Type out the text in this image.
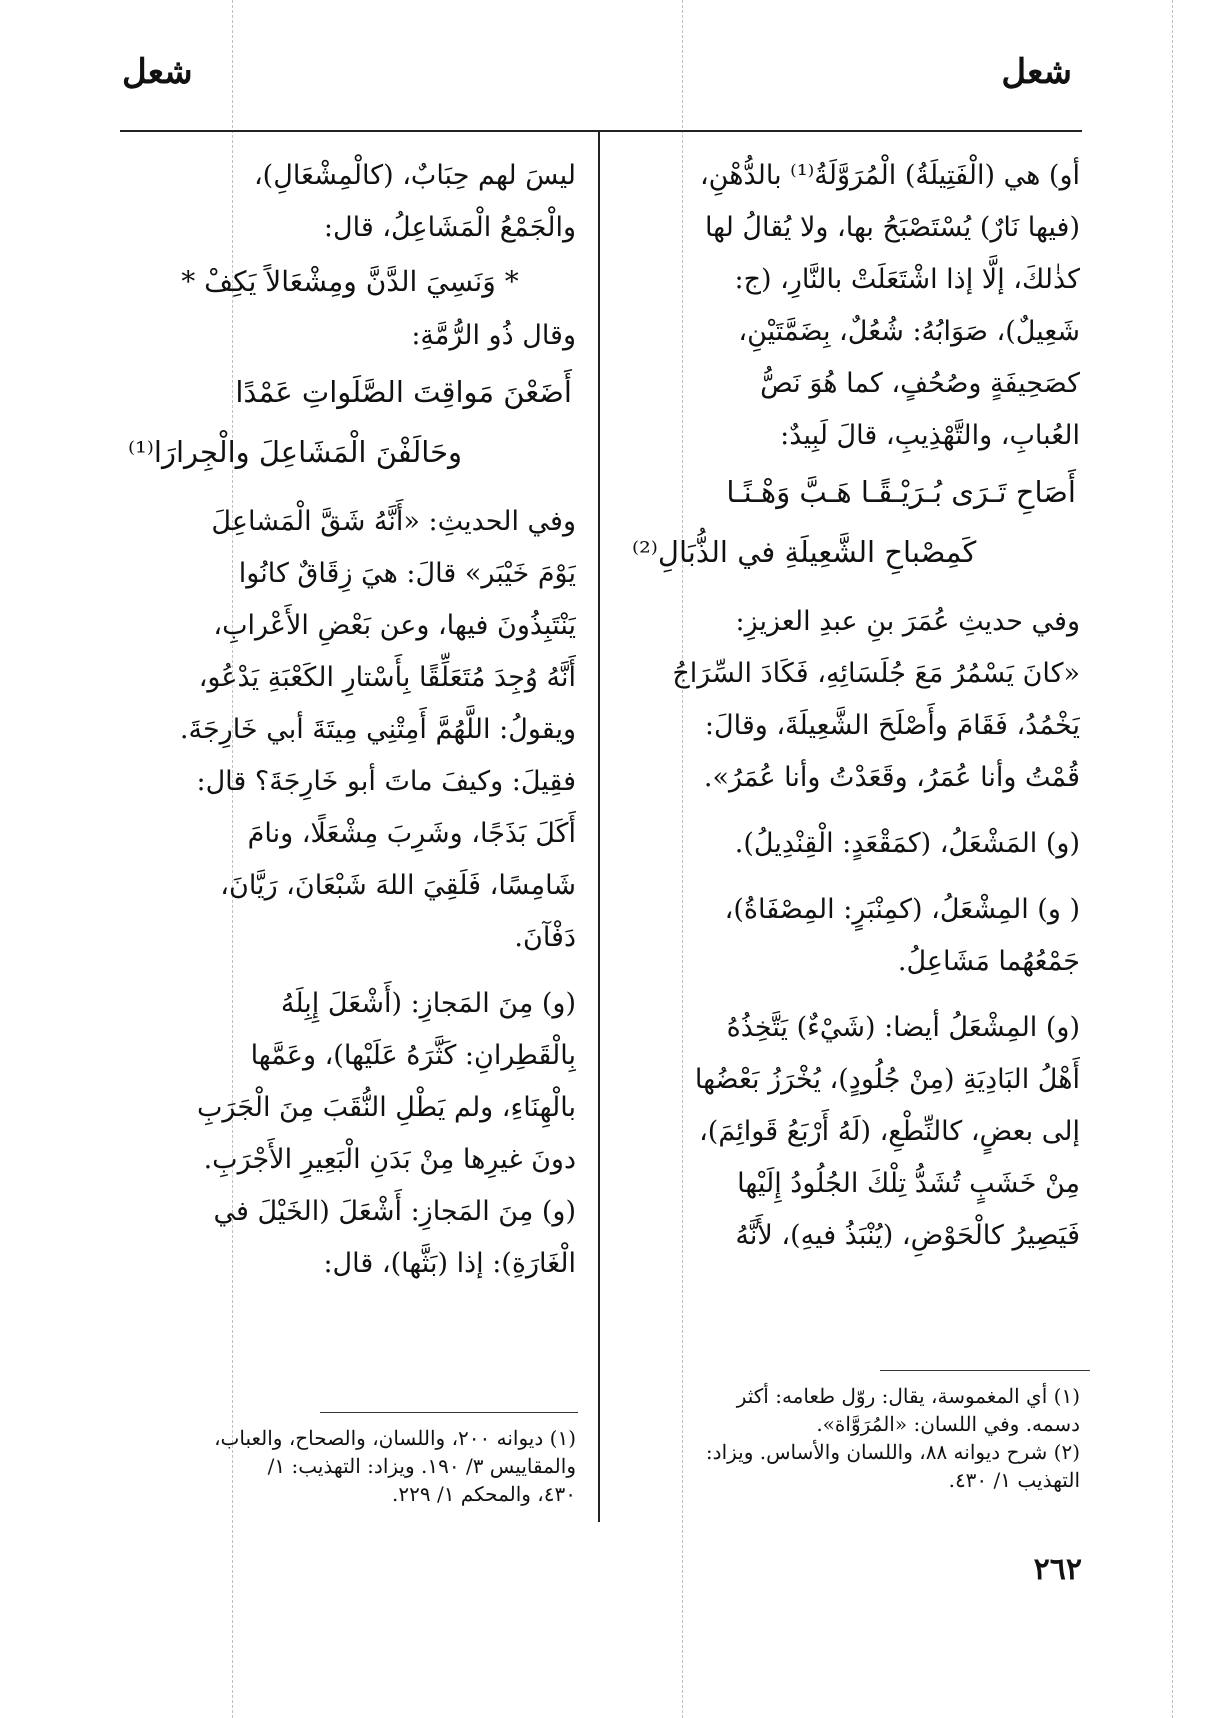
شعل
شعل
أو) هي (الْفَتِيلَةُ) الْمُرَوَّلَةُ⁽¹⁾ بالدُّهْنِ،
(فيها نَارٌ) يُسْتَصْبَحُ بها، ولا يُقالُ لها
كذٰلكَ، إلَّا إذا اشْتَعَلَتْ بالنَّارِ، (ج:
شَعِيلٌ)، صَوَابُهُ: شُعُلٌ، بِضَمَّتَيْنِ،
كصَحِيفَةٍ وصُحُفٍ، كما هُوَ نَصُّ
العُبابِ، والتَّهْذِيبِ، قالَ لَبِيدٌ:
أَصَاحِ تَـرَى بُـرَيْـقًـا هَـبَّ وَهْـنًـا
كَمِصْباحِ الشَّعِيلَةِ في الذُّبَالِ⁽²⁾
وفي حديثِ عُمَرَ بنِ عبدِ العزيزِ:
«كانَ يَسْمُرُ مَعَ جُلَسَائِهِ، فَكَادَ السِّرَاجُ
يَخْمُدُ، فَقَامَ وأَصْلَحَ الشَّعِيلَةَ، وقالَ:
قُمْتُ وأنا عُمَرُ، وقَعَدْتُ وأنا عُمَرُ».
(و) المَشْعَلُ، (كمَقْعَدٍ: الْقِنْدِيلُ).
( و) المِشْعَلُ، (كمِنْبَرٍ: المِصْفَاةُ)،
جَمْعُهُما مَشَاعِلُ.
(و) المِشْعَلُ أيضا: (شَيْءٌ) يَتَّخِذُهُ
أَهْلُ البَادِيَةِ (مِنْ جُلُودٍ)، يُخْرَزُ بَعْضُها
إلى بعضٍ، كالنِّطْعِ، (لَهُ أَرْبَعُ قَوائِمَ)،
مِنْ خَشَبٍ تُشَدُّ تِلْكَ الجُلُودُ إِلَيْها
فَيَصِيرُ كالْحَوْضِ، (يُنْبَذُ فيهِ)، لأَنَّهُ
ليسَ لهم حِبَابٌ، (كالْمِشْعَالِ)،
والْجَمْعُ الْمَشَاعِلُ، قال:
* وَنَسِيَ الدَّنَّ ومِشْعَالاً يَكِفْ *
وقال ذُو الرُّمَّةِ:
أَضَعْنَ مَواقِتَ الصَّلَواتِ عَمْدًا
وحَالَفْنَ الْمَشَاعِلَ والْجِرارَا⁽¹⁾
وفي الحديثِ: «أَنَّهُ شَقَّ الْمَشاعِلَ
يَوْمَ خَيْبَر» قالَ: هيَ زِقَاقٌ كانُوا
يَنْتَبِذُونَ فيها، وعن بَعْضِ الأَعْرابِ،
أَنَّهُ وُجِدَ مُتَعَلِّقًا بِأَسْتارِ الكَعْبَةِ يَدْعُو،
ويقولُ: اللَّهُمَّ أَمِتْنِي مِيتَةَ أبي خَارِجَةَ.
فقِيلَ: وكيفَ ماتَ أبو خَارِجَةَ؟ قال:
أَكَلَ بَذَجًا، وشَرِبَ مِشْعَلًا، ونامَ
شَامِسًا، فَلَقِيَ اللهَ شَبْعَانَ، رَيَّانَ،
دَفْآنَ.
(و) مِنَ المَجازِ: (أَشْعَلَ إِبِلَهُ
بِالْقَطِرانِ: كَثَّرَهُ عَلَيْها)، وعَمَّها
بالْهِنَاءِ، ولم يَطْلِ النُّقَبَ مِنَ الْجَرَبِ
دونَ غيرِها مِنْ بَدَنِ الْبَعِيرِ الأَجْرَبِ.
(و) مِنَ المَجازِ: أَشْعَلَ (الخَيْلَ في
الْغَارَةِ): إذا (بَثَّها)، قال:
(١) أي المغموسة، يقال: روّل طعامه: أكثر
دسمه. وفي اللسان: «المُرَوَّاة».
(٢) شرح ديوانه ٨٨، واللسان والأساس. ويزاد:
التهذيب ١/ ٤٣٠.
(١) ديوانه ٢٠٠، واللسان، والصحاح، والعباب،
والمقاييس ٣/ ١٩٠. ويزاد: التهذيب: ١/
٤٣٠، والمحكم ١/ ٢٢٩.
٢٦٢
